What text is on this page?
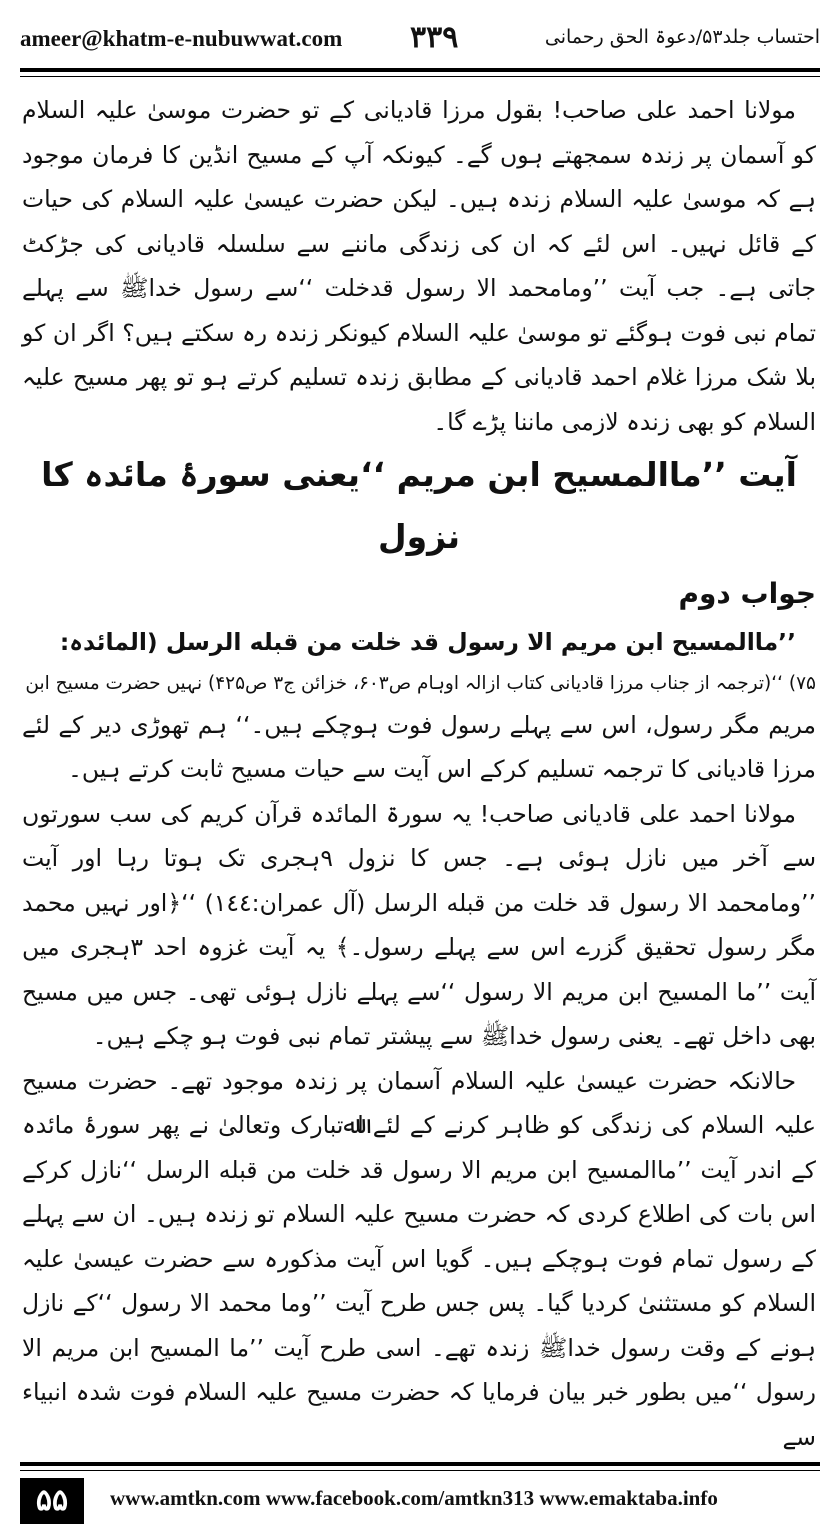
ameer@khatm-e-nubuwwat.com ۳۳۹	احتساب جلد۵۳/دعوۃ الحق رحمانی

مولانا احمد علی صاحب! بقول مرزا قادیانی کے تو حضرت موسیٰ علیہ السلام کو آسمان پر زندہ سمجھتے ہوں گے۔ کیونکہ آپ کے مسیح انڈین کا فرمان موجود ہے کہ موسیٰ علیہ السلام زندہ ہیں۔ لیکن حضرت عیسیٰ علیہ السلام کی حیات کے قائل نہیں۔ اس لئے کہ ان کی زندگی ماننے سے سلسلہ قادیانی کی جڑکٹ جاتی ہے۔ جب آیت ’’ومامحمد الا رسول قدخلت ‘‘سے رسول خداﷺ سے پہلے تمام نبی فوت ہوگئے تو موسیٰ علیہ السلام کیونکر زندہ رہ سکتے ہیں؟ اگر ان کو بلا شک مرزا غلام احمد قادیانی کے مطابق زندہ تسلیم کرتے ہو تو پھر مسیح علیہ السلام کو بھی زندہ لازمی ماننا پڑے گا۔

آیت ’’ماالمسیح ابن مریم ‘‘یعنی سورۂ مائدہ کا نزول
جواب دوم

’’ماالمسیح ابن مریم الا رسول قد خلت من قبله الرسل (المائدہ:

۷۵) ‘‘(ترجمہ از جناب مرزا قادیانی کتاب ازالہ اوہام ص۶۰۳، خزائن ج۳ ص۴۲۵) نہیں حضرت مسیح ابن

مریم مگر رسول، اس سے پہلے رسول فوت ہوچکے ہیں۔‘‘ ہم تھوڑی دیر کے لئے مرزا قادیانی کا ترجمہ تسلیم کرکے اس آیت سے حیات مسیح ثابت کرتے ہیں۔

مولانا احمد علی قادیانی صاحب! یہ سورۃ المائدہ قرآن کریم کی سب سورتوں سے آخر میں نازل ہوئی ہے۔ جس کا نزول ۹ہجری تک ہوتا رہا اور آیت ’’ومامحمد الا رسول قد خلت من قبله الرسل (آل عمران:۱٤٤) ‘‘﴿اور نہیں محمد مگر رسول تحقیق گزرے اس سے پہلے رسول۔﴾ یہ آیت غزوہ احد ۳ہجری میں آیت ’’ما المسیح ابن مریم الا رسول ‘‘سے پہلے نازل ہوئی تھی۔ جس میں مسیح بھی داخل تھے۔ یعنی رسول خداﷺ سے پیشتر تمام نبی فوت ہو چکے ہیں۔

حالانکہ حضرت عیسیٰ علیہ السلام آسمان پر زندہ موجود تھے۔ حضرت مسیح علیہ السلام کی زندگی کو ظاہر کرنے کے لئے اﷲتبارک وتعالیٰ نے پھر سورۂ مائدہ کے اندر آیت ’’ماالمسیح ابن مریم الا رسول قد خلت من قبله الرسل ‘‘نازل کرکے اس بات کی اطلاع کردی کہ حضرت مسیح علیہ السلام تو زندہ ہیں۔ ان سے پہلے کے رسول تمام فوت ہوچکے ہیں۔ گویا اس آیت مذکورہ سے حضرت عیسیٰ علیہ السلام کو مستثنیٰ کردیا گیا۔ پس جس طرح آیت ’’وما محمد الا رسول ‘‘کے نازل ہونے کے وقت رسول خداﷺ زندہ تھے۔ اسی طرح آیت ’’ما المسیح ابن مریم الا رسول ‘‘میں بطور خبر بیان فرمایا کہ حضرت مسیح علیہ السلام فوت شدہ انبیاء سے

۵۵	www.amtkn.com www.facebook.com/amtkn313 www.emaktaba.info
